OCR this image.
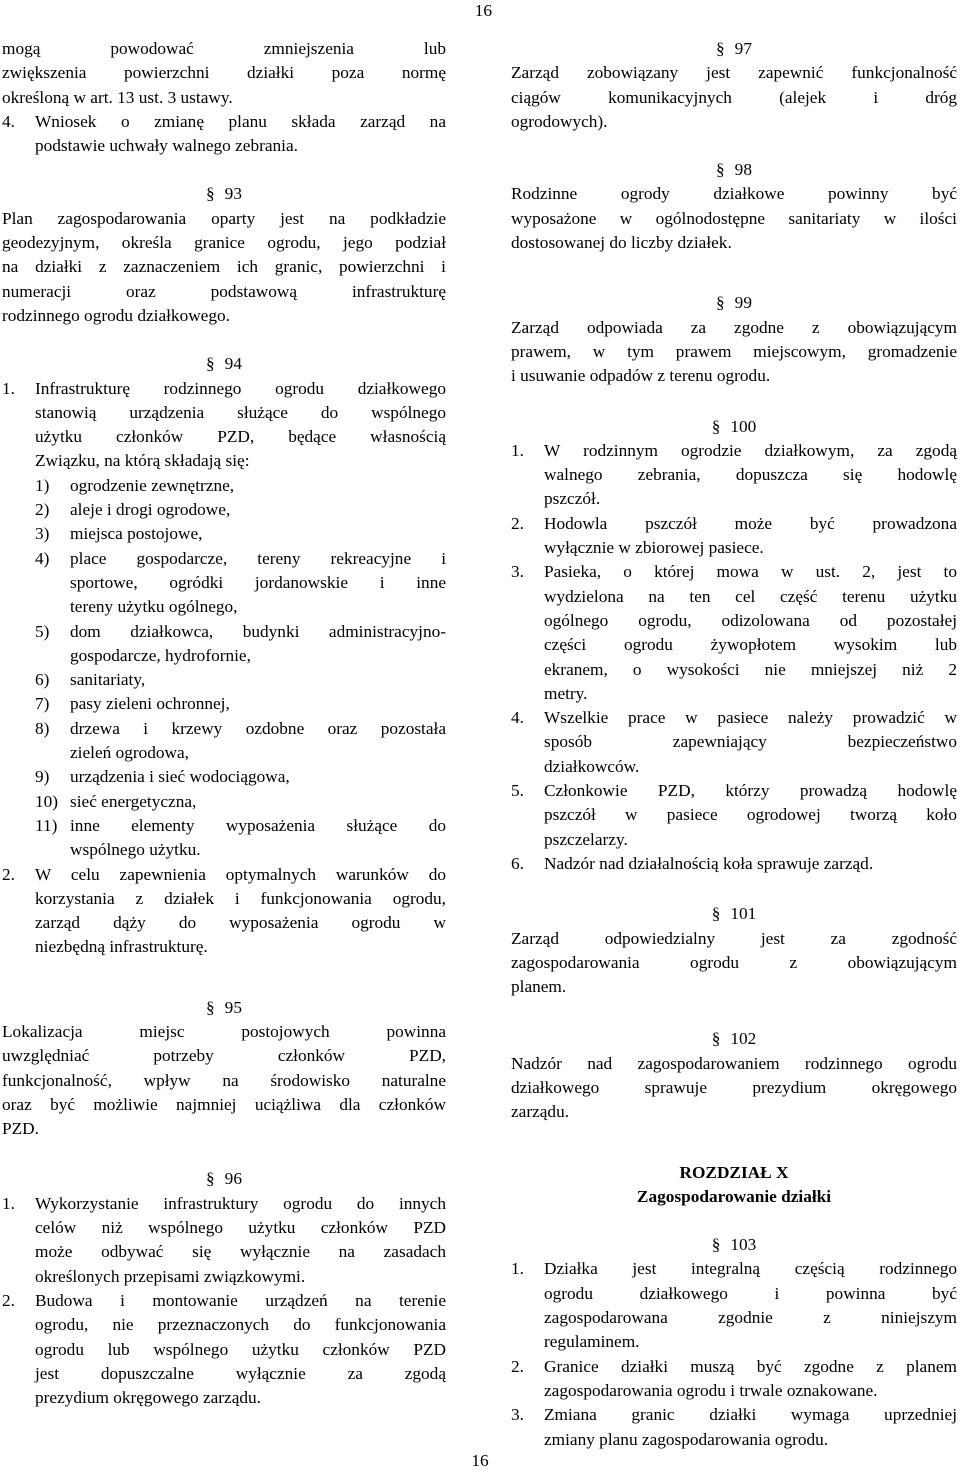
16
mogą powodować zmniejszenia lub
zwiększenia powierzchni działki poza normę
określoną w art. 13 ust. 3 ustawy.
4. Wniosek o zmianę planu składa zarząd na
podstawie uchwały walnego zebrania.
§ 93
Plan zagospodarowania oparty jest na podkładzie
geodezyjnym, określa granice ogrodu, jego podział
na działki z zaznaczeniem ich granic, powierzchni i
numeracji oraz podstawową infrastrukturę
rodzinnego ogrodu działkowego.
§ 94
1. Infrastrukturę rodzinnego ogrodu działkowego
stanowią urządzenia służące do wspólnego
użytku członków PZD, będące własnością
Związku, na którą składają się:
1) ogrodzenie zewnętrzne,
2) aleje i drogi ogrodowe,
3) miejsca postojowe,
4) place gospodarcze, tereny rekreacyjne i
sportowe, ogródki jordanowskie i inne
tereny użytku ogólnego,
5) dom działkowca, budynki administracyjno-
gospodarcze, hydrofornie,
6) sanitariaty,
7) pasy zieleni ochronnej,
8) drzewa i krzewy ozdobne oraz pozostała
zieleń ogrodowa,
9) urządzenia i sieć wodociągowa,
10) sieć energetyczna,
11) inne elementy wyposażenia służące do
wspólnego użytku.
2. W celu zapewnienia optymalnych warunków do
korzystania z działek i funkcjonowania ogrodu,
zarząd dąży do wyposażenia ogrodu w
niezbędną infrastrukturę.
§ 95
Lokalizacja miejsc postojowych powinna
uwzględniać potrzeby członków PZD,
funkcjonalność, wpływ na środowisko naturalne
oraz być możliwie najmniej uciążliwa dla członków
PZD.
§ 96
1. Wykorzystanie infrastruktury ogrodu do innych
celów niż wspólnego użytku członków PZD
może odbywać się wyłącznie na zasadach
określonych przepisami związkowymi.
2. Budowa i montowanie urządzeń na terenie
ogrodu, nie przeznaczonych do funkcjonowania
ogrodu lub wspólnego użytku członków PZD
jest dopuszczalne wyłącznie za zgodą
prezydium okręgowego zarządu.
§ 97
Zarząd zobowiązany jest zapewnić funkcjonalność
ciągów komunikacyjnych (alejek i dróg
ogrodowych).
§ 98
Rodzinne ogrody działkowe powinny być
wyposażone w ogólnodostępne sanitariaty w ilości
dostosowanej do liczby działek.
§ 99
Zarząd odpowiada za zgodne z obowiązującym
prawem, w tym prawem miejscowym, gromadzenie
i usuwanie odpadów z terenu ogrodu.
§ 100
1. W rodzinnym ogrodzie działkowym, za zgodą
walnego zebrania, dopuszcza się hodowlę
pszczół.
2. Hodowla pszczół może być prowadzona
wyłącznie w zbiorowej pasiece.
3. Pasieka, o której mowa w ust. 2, jest to
wydzielona na ten cel część terenu użytku
ogólnego ogrodu, odizolowana od pozostałej
części ogrodu żywopłotem wysokim lub
ekranem, o wysokości nie mniejszej niż 2
metry.
4. Wszelkie prace w pasiece należy prowadzić w
sposób zapewniający bezpieczeństwo
działkowców.
5. Członkowie PZD, którzy prowadzą hodowlę
pszczół w pasiece ogrodowej tworzą koło
pszczelarzy.
6. Nadzór nad działalnością koła sprawuje zarząd.
§ 101
Zarząd odpowiedzialny jest za zgodność
zagospodarowania ogrodu z obowiązującym
planem.
§ 102
Nadzór nad zagospodarowaniem rodzinnego ogrodu
działkowego sprawuje prezydium okręgowego
zarządu.
ROZDZIAŁ X
Zagospodarowanie działki
§ 103
1. Działka jest integralną częścią rodzinnego
ogrodu działkowego i powinna być
zagospodarowana zgodnie z niniejszym
regulaminem.
2. Granice działki muszą być zgodne z planem
zagospodarowania ogrodu i trwale oznakowane.
3. Zmiana granic działki wymaga uprzedniej
zmiany planu zagospodarowania ogrodu.
16
